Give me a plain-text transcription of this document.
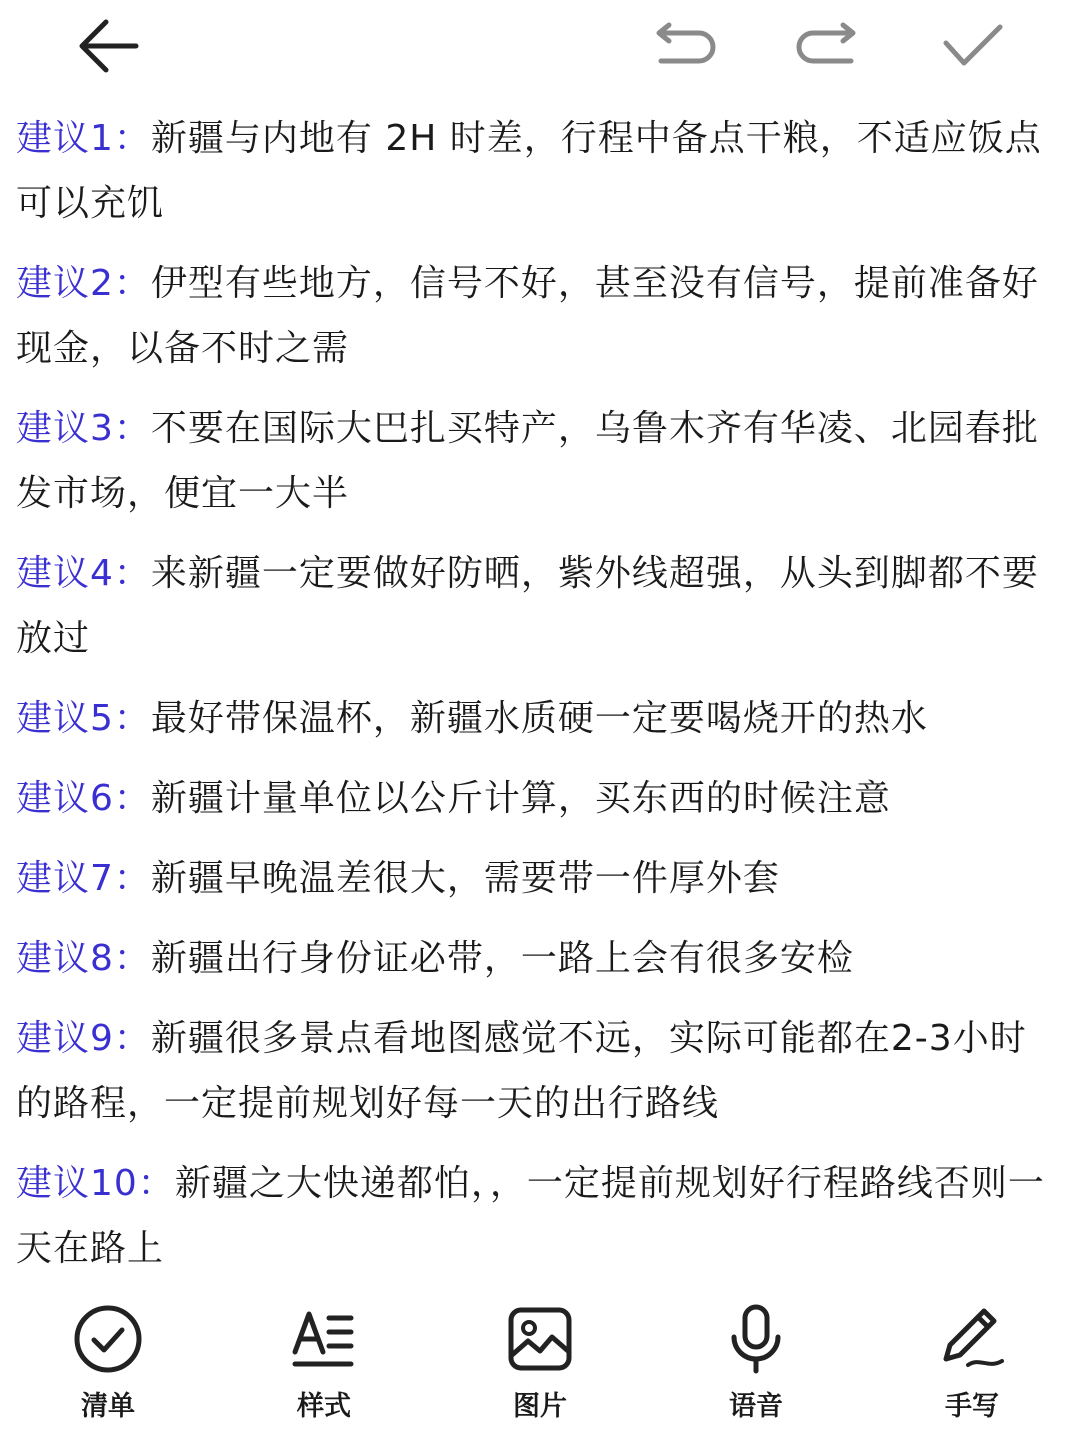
建议1：新疆与内地有 2H 时差，行程中备点干粮，不适应饭点可以充饥
建议2：伊型有些地方，信号不好，甚至没有信号，提前准备好现金，以备不时之需
建议3：不要在国际大巴扎买特产，乌鲁木齐有华凌、北园春批发市场，便宜一大半
建议4：来新疆一定要做好防晒，紫外线超强，从头到脚都不要放过
建议5：最好带保温杯，新疆水质硬一定要喝烧开的热水
建议6：新疆计量单位以公斤计算，买东西的时候注意
建议7：新疆早晚温差很大，需要带一件厚外套
建议8：新疆出行身份证必带，一路上会有很多安检
建议9：新疆很多景点看地图感觉不远，实际可能都在2-3小时的路程，一定提前规划好每一天的出行路线
建议10：新疆之大快递都怕，，一定提前规划好行程路线否则一天在路上
清单	样式	图片	语音	手写
